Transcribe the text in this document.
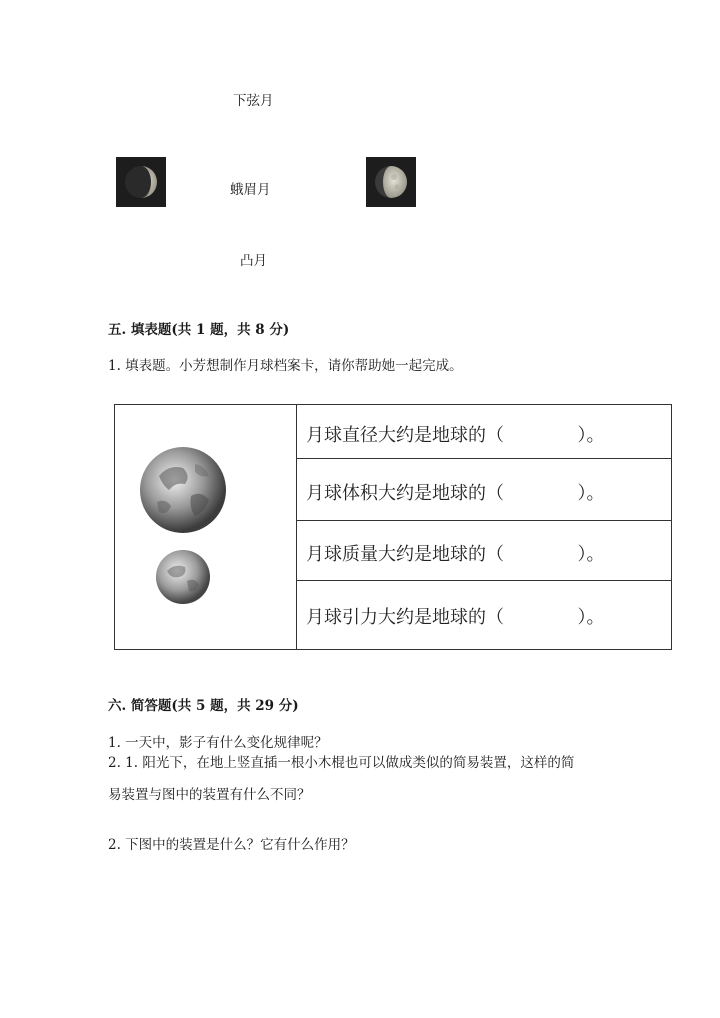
下弦月
蛾眉月
凸月
五. 填表题(共 1 题，共 8 分)
1. 填表题。小芳想制作月球档案卡，请你帮助她一起完成。
月球直径大约是地球的（	）。
月球体积大约是地球的（	）。
月球质量大约是地球的（	）。
月球引力大约是地球的（	）。
六. 简答题(共 5 题，共 29 分)
1. 一天中，影子有什么变化规律呢？
2. 1. 阳光下，在地上竖直插一根小木棍也可以做成类似的简易装置，这样的简
易装置与图中的装置有什么不同？
2. 下图中的装置是什么？它有什么作用？
